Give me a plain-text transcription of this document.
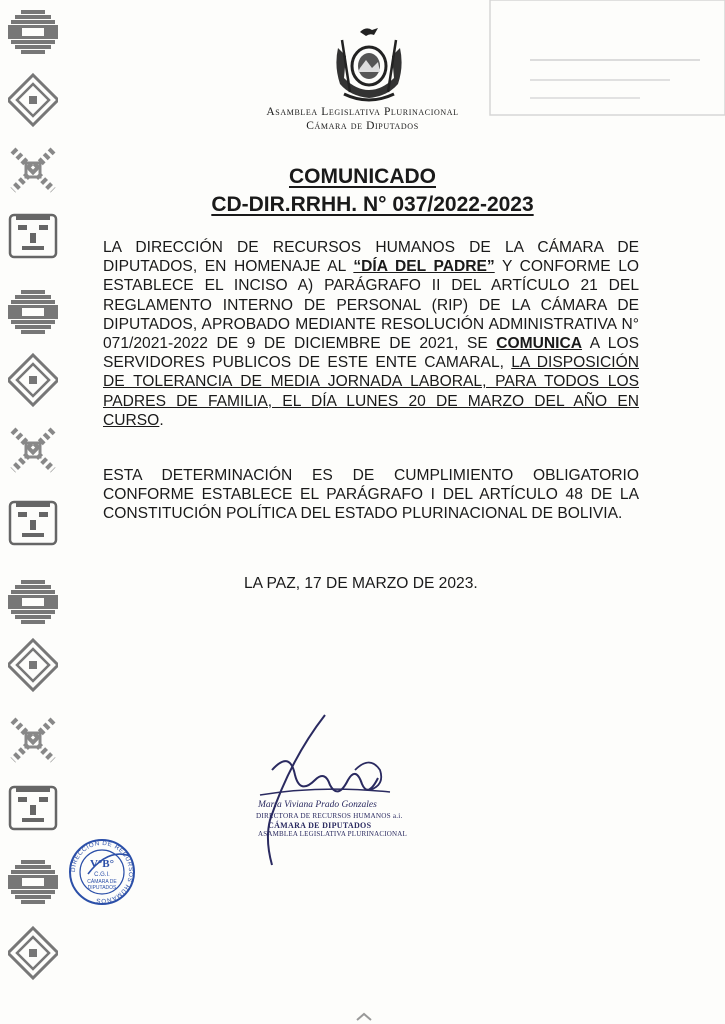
Asamblea Legislativa Plurinacional
Cámara de Diputados
COMUNICADO
CD-DIR.RRHH. N° 037/2022-2023
LA DIRECCIÓN DE RECURSOS HUMANOS DE LA CÁMARA DE DIPUTADOS, EN HOMENAJE AL “DÍA DEL PADRE” Y CONFORME LO ESTABLECE EL INCISO A) PARÁGRAFO II DEL ARTÍCULO 21 DEL REGLAMENTO INTERNO DE PERSONAL (RIP) DE LA CÁMARA DE DIPUTADOS, APROBADO MEDIANTE RESOLUCIÓN ADMINISTRATIVA N° 071/2021-2022 DE 9 DE DICIEMBRE DE 2021, SE COMUNICA A LOS SERVIDORES PUBLICOS DE ESTE ENTE CAMARAL, LA DISPOSICIÓN DE TOLERANCIA DE MEDIA JORNADA LABORAL, PARA TODOS LOS PADRES DE FAMILIA, EL DÍA LUNES 20 DE MARZO DEL AÑO EN CURSO.
ESTA DETERMINACIÓN ES DE CUMPLIMIENTO OBLIGATORIO CONFORME ESTABLECE EL PARÁGRAFO I DEL ARTÍCULO 48 DE LA CONSTITUCIÓN POLÍTICA DEL ESTADO PLURINACIONAL DE BOLIVIA.
LA PAZ, 17 DE MARZO DE 2023.
María Viviana Prado Gonzales
DIRECTORA DE RECURSOS HUMANOS a.i.
CÁMARA DE DIPUTADOS
ASAMBLEA LEGISLATIVA PLURINACIONAL
DIRECCIÓN DE RECURSOS HUMANOS
V°B°
C.G.I.
CÁMARA DE
DIPUTADOS
